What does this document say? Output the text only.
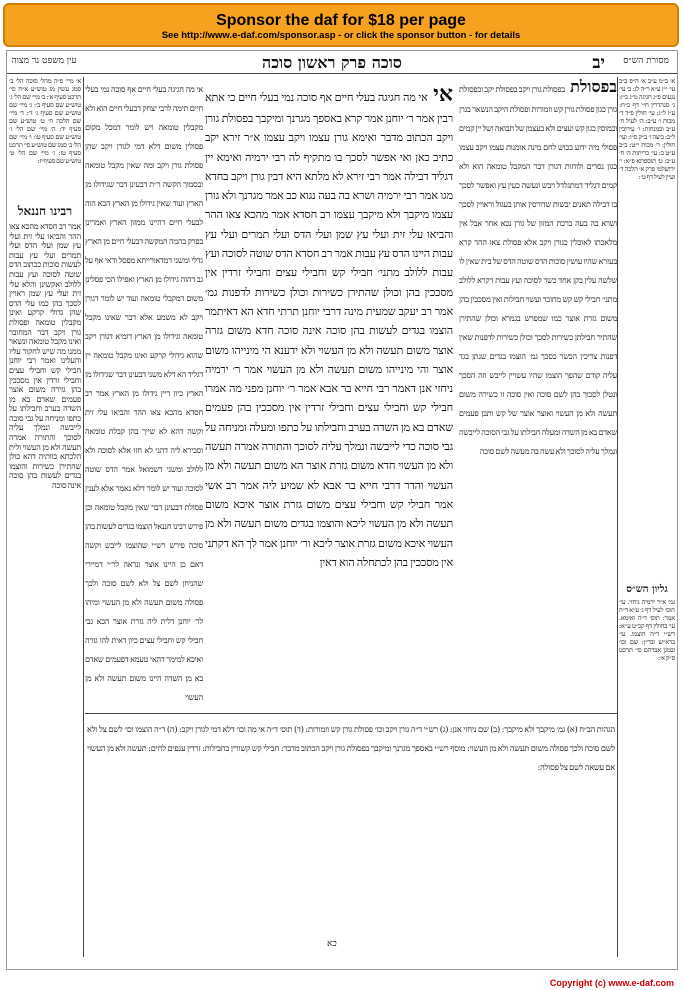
Sponsor the daf for $18 per page
See http://www.e-daf.com/sponsor.asp - or click the sponsor button - for details
עין משפט נר מצוה	יב
סוכה פרק ראשון סוכה	מסורת הש״ס
א׳ ב״מ ע״ב א׳ ה״פ ב״ב עי׳ י״ז ע״א ר״ה לג: ב׳ עי׳ נגעים פ״ג חגיגה מ״ג כ״ז: ג׳ סנהדרין ח״י דף כ״ח: ע״ז ל״ג: עי׳ חולין פ״ד ד׳ מכות ו׳ ע״ב: ה׳ לעיל ח׳ ע״ב ובמנחות: ו׳ עירובין ל״ב: ביצה ז׳ ב״ק ס״ו: ועי׳ חולין: ר׳ מכות י״ט: ב״ב ע״ט ב: עי׳ כריתות ה׳ ח׳ ע״ב: ט׳ תוספתא פ״א: י׳ ירושלמי פרק א׳ הלכה ד׳ ועיין לעיל דף ט׳:
גליון הש״ס
גמ׳ א״ר ירמיה ניחזי. עי׳ תוס׳ לעיל דף ג׳ ע״א ד״ה אמר: תוס׳ ד״ה ואימא. עי׳ בחולין דף קכ״ט ע״א: רש״י ד״ה הוצמו. עי׳ ברא״ש ובר״ן: שם וכו׳ ובמגן אברהם סי׳ תרכט ס״ק א׳:
בפסולת בפסולת גורן ויקב בפסולת יקב ובפסולת גורן כגון פסולת גורן קש וזמורות ופסולת היקב הנשאר בגרן ובמוסין כגון קש ועצים ולא בעצמן של תבואה ושל יין קמים פסולי מיה ידוע בכוש לחם מינה אומנות עצמו ויקב עצמו כגון נסרים ולוחות דגורן דבר המקבל טומאה הוא ולא קמים דגליד דמתגלדל ויבש ונעשה כעין עץ ואפשר לסכך בו דבילה תאנים יבשות שדורסין אותן בעגול וראויין לסכך ושרא בה בעה ברכת המזון של גורן נכא אחר אבל אין מלאכתו לאוכלין כגורן ויקב אלא פסולת צאו ההר קרא בעזרא שהיו עושין סוכות הדס שוטה הדס של בית שאין לו שלשה עלין בקן אחד כשר לסוכה ועץ עבות דקרא ללולב מתני׳ חבילי קש קש מחובר ועשוי חבילות ואין מסככין בהן משום גזרת אוצר כמו שמפרש בגמרא וכולן שהתירן שהתיר חבילתן כשירות לסכך וכולן כשירות לדפנות שאין דפנות צריכין הכשר כסכך גמ׳ הוצמו בגדים שנתן בגד עליה קודם שהפך הוצמו שהיו עשויין לייבש וזה הסכך ונטלן לסכוך בהן לשם סוכה ואין סוכה זו כשירה משום תעשה ולא מן העשוי ואוצר אוצר של קש ותבן פעמים שאדם בא מן השדה ומעלה חבילתו על גבי הסוכה לייבשה ונמלך עליה לסוכך ולא עשה בה מעשה לשם סוכה
אי אי מה חגיגה בעלי חיים אף סוכה נמי בעלי חיים כי אתא רבין אמר ר׳ יוחנן אמר קרא באספך מגרנך ומיקבך בפסולת גורן ויקב הכתוב מדבר ואימא גורן עצמו ויקב עצמו א״ר זירא יקב כתיב כאן ואי אפשר לסכך בו מתקיף לה רבי ירמיה ואימא יין דגליד דבילה אמר רבי זירא לא מלתא היא דבין גורן ויקב בחדא מגו אמר רבי ירמיה ושרא בה בעה נגוא כב אמר מגרנך ולא גורן עצמו מיקבך ולא מיקבך עצמו רב חסדא אמר מהכא צאו ההר והביאו עלי זית ועלי עץ שמן ועלי הדס ועלי תמרים ועלי עץ עבות היינו הדס עץ עבות אמר רב חסדא הדס שוטה לסוכה ועץ עבות ללולב מתני׳ חבילי קש וחבילי עצים וחבילי זרדין אין מסככין בהן וכולן שהתירן כשירות וכולן כשירות לדפנות גמ׳ אמר רב יעקב שמעית מינה דרבי יוחנן תרתי חדא הא דאיתמר הוצמו בגדים לעשות בהן סוכה אינה סוכה חדא משום גזרה אוצר משום תעשה ולא מן העשוי ולא ידענא הי מינייהו משום אוצר והי מינייהו משום תעשה ולא מן העשוי אמר ר׳ ירמיה ניחזי אנן דאמר רבי חייא בר אבא אמר ר׳ יוחנן מפני מה אמרו חבילי קש וחבילי עצים וחבילי זרדין אין מסככין בהן פעמים שאדם בא מן השדה בערב וחבילתו על כתפו ומעלה ומניחה על גבי סוכה כדי לייבשה ונמלך עליה לסוכך והתורה אמרה תעשה ולא מן העשוי חדא משום גזרת אוצר הא משום תעשה ולא מן העשוי והדר דרבי חייא בר אבא לא שמיע ליה אמר רב אשי אמר חבילי קש וחבילי עצים משום גזרת אוצר איכא משום תעשה ולא מן העשוי ליכא והוצמו בגדים משום תעשה ולא מן העשוי איכא משום גזרת אוצר ליכא ור׳ יוחנן אמר לך הא דקתני אין מסככין בהן לכתחלה הוא דאין
אי מה חגיגה בעלי חיים אף סוכה נמי בעלי חיים תימה לרבי יצחק דבעלי חיים הוא ולא מקבלין טומאה ויש לומר דמכל מקום פסולין משום דלא דמי לגורן ויקב שהן פסולת גורן ויקב ומה שאין מקבל טומאה ובסמוך הקשה ר״ת דבעינן דבר שגידולו מן הארץ ועוד שאין גידולו מן הארץ הכא הוה לבעלי חיים דהיינו ממזון הארץ ואמרינן בפרק בהמה המקשה דבעלי חיים מן הארץ גדלי ומשני דמדאורייתא מפסל ודאי אף על גב דהוה גידולו מן הארץ ואפילו הכי פסלינן משום דמקבלי טומאה ועוד יש לומר דגורן ויקב לא משמע אלא דבר שאינו מקבל טומאה וגידולו מן הארץ דומיא דגורן ויקב שהוא גידולי קרקע ואינו מקבל טומאה יין דגליד הא דלא משני דבעינן דבר שגידולו מן הארץ כיון דיין גידולו מן הארץ אמר רב חסדא מהכא צאו ההר והביאו עלי זית וקשה דהא לא שייך בהן קבלת טומאה וסבירא ליה דהני לא חזו אלא לסוכה ולא ללולב ומשני דשמואל אמר הדס שוטה לסוכה ועוד יש לומר דלא נאמר אלא לענין פסולת דבעינן דבר שאין מקבל טומאה וכן פירש רבינו חננאל הוצמו בגדים לעשות בהן סוכה פירש רש״י שהוצמו לייבש וקשה דאם כן היינו אוצר ונראה לר״י דמיירי שהניחן לשם צל ולא לשם סוכה ולכך פסולה משום תעשה ולא מן העשוי ומיהו לר׳ יוחנן דלית ליה גזרת אוצר הכא גבי חבילי קש וחבילי עצים כיון דאית להו גזרה ואיכא למימר דהאי טעמא דפעמים שאדם בא מן השדה היינו משום תעשה ולא מן העשוי
א׳ מיי׳ פ״ה מהל׳ סוכה הל׳ ב׳ סמג עשין מג טוש״ע א״ח סי׳ תרכט סעיף א׳: ב׳ מיי׳ שם הל׳ ג׳ טוש״ע שם סעיף ב׳: ג׳ מיי׳ שם טוש״ע שם סעיף ג׳ ד׳: ד׳ מיי׳ שם הלכה ח׳ ט׳ טוש״ע שם סעיף יד: ה׳ מיי׳ שם הל׳ ז׳ טוש״ע שם סעיף טו: ו׳ מיי׳ שם הל׳ ב׳ סמג שם טוש״ע סי׳ תרכט סעיף טז: ז׳ מיי׳ שם הל׳ ט׳ טוש״ע שם סעיף יז:
רבינו חננאל
אמר רב חסדא מהכא צאו ההר והביאו עלי זית ועלי עץ שמן ועלי הדס ועלי תמרים ועלי עץ עבות לעשות סוכות ככתוב הדס שוטה לסוכה ועץ עבות ללולב ואקשינן והלא עלי זית ועלי עץ שמן ראויין לסכך בהן כמו עלי הדס שהן גדולי קרקע ואינן מקבלין טומאה ופסולת גורן ויקב דבר המחובר ואינו מקבל טומאה ונשאר ממנו מה שיש לחקור עליו והעלינו ואמר רבי יוחנן חבילי קש וחבילי עצים וחבילי זרדין אין מסככין בהן גזירה משום אוצר פעמים שאדם בא מן השדה בערב וחבילתו על כתפו ומניחה על גבי סוכה לייבשה ונמלך עליה לסוכך והתורה אמרה תעשה ולא מן העשוי ולית הלכתא כוותיה דהא כולן שהתירן כשירות והוצמו בגדים לעשות בהן סוכה אינה סוכה
הגהות הב״ח (א) גמ׳ מיקבך ולא מיקבך: (ב) שם ניחזי אנן: (ג) רש״י ד״ה גורן ויקב וכו׳ פסולת גורן קש וזמורות: (ד) תוס׳ ד״ה אי מה וכו׳ דלא דמי לגורן ויקב: (ה) ד״ה הוצמו וכו׳ לשם צל ולא לשם סוכה ולכך פסולה משום תעשה ולא מן העשוי: מוסף רש״י באספך מגרנך ומיקבך בפסולת גורן ויקב הכתוב מדבר: חבילי קש קשורין בחבילות: זרדין ענפים לחים: תעשה ולא מן העשוי אם עשאה לשם צל פסולה:
כא
Copyright (c) www.e-daf.com
